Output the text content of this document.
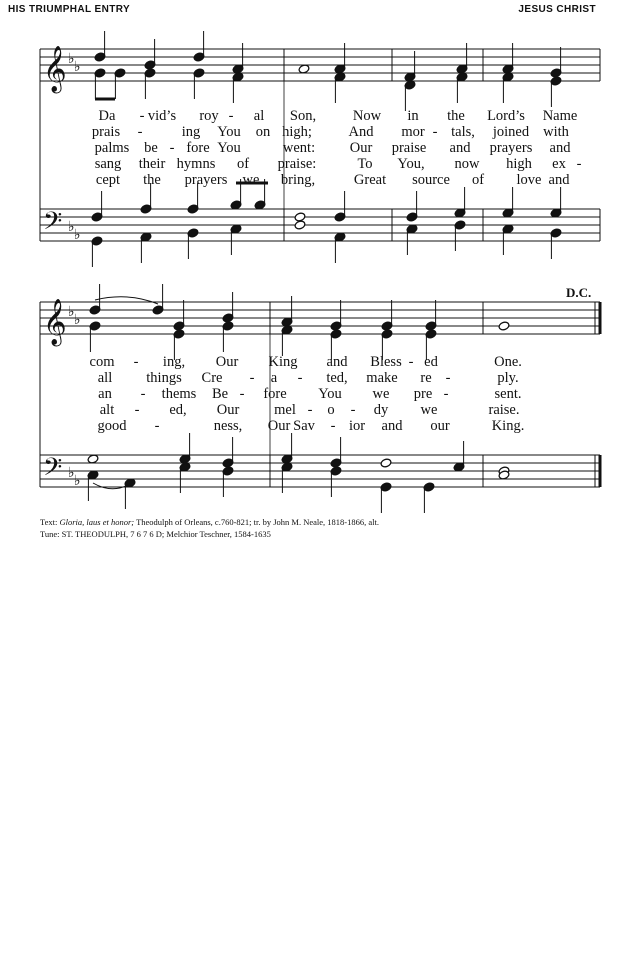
HIS TRIUMPHAL ENTRY	JESUS CHRIST
𝄞
𝄢
♭ ♭
♭ ♭
𝄞
𝄢
♭ ♭
♭ ♭
Da - vid’s roy - al Son,	Now in the Lord’s Name
prais -	ing You on high;	And mor - tals, joined with
palms be - fore You	went: Our praise and prayers and
sang their hymns of praise:	To You, now high ex -
cept the prayers we bring,	Great source of love and
com - ing, Our King and Bless - ed	One.
all things Cre - a - ted, make re -	ply.
an - thems Be - fore You we pre -	sent.
alt - ed, Our mel - o - dy we	raise.
good -	ness, Our Sav - ior and our	King.
D.C.
Text: Gloria, laus et honor; Theodulph of Orleans, c.760-821; tr. by John M. Neale, 1818-1866, alt.
Tune: ST. THEODULPH, 7 6 7 6 D; Melchior Teschner, 1584-1635
